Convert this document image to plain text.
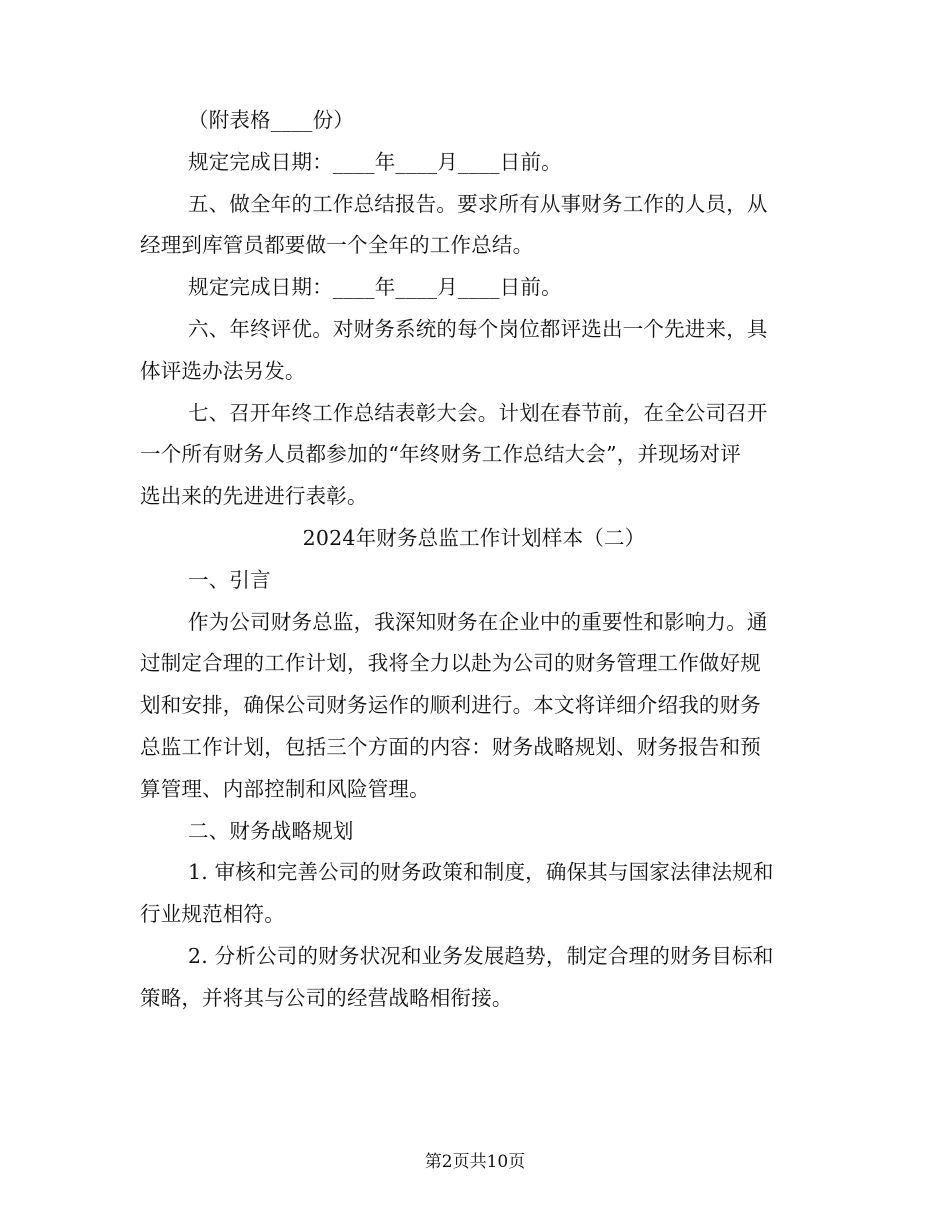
（附表格____份）
规定完成日期：____年____月____日前。
五、做全年的工作总结报告。要求所有从事财务工作的人员，从
经理到库管员都要做一个全年的工作总结。
规定完成日期：____年____月____日前。
六、年终评优。对财务系统的每个岗位都评选出一个先进来，具
体评选办法另发。
七、召开年终工作总结表彰大会。计划在春节前，在全公司召开
一个所有财务人员都参加的“年终财务工作总结大会”，并现场对评
选出来的先进进行表彰。
2024年财务总监工作计划样本（二）
一、引言
作为公司财务总监，我深知财务在企业中的重要性和影响力。通
过制定合理的工作计划，我将全力以赴为公司的财务管理工作做好规
划和安排，确保公司财务运作的顺利进行。本文将详细介绍我的财务
总监工作计划，包括三个方面的内容：财务战略规划、财务报告和预
算管理、内部控制和风险管理。
二、财务战略规划
1. 审核和完善公司的财务政策和制度，确保其与国家法律法规和
行业规范相符。
2. 分析公司的财务状况和业务发展趋势，制定合理的财务目标和
策略，并将其与公司的经营战略相衔接。
第2页共10页
